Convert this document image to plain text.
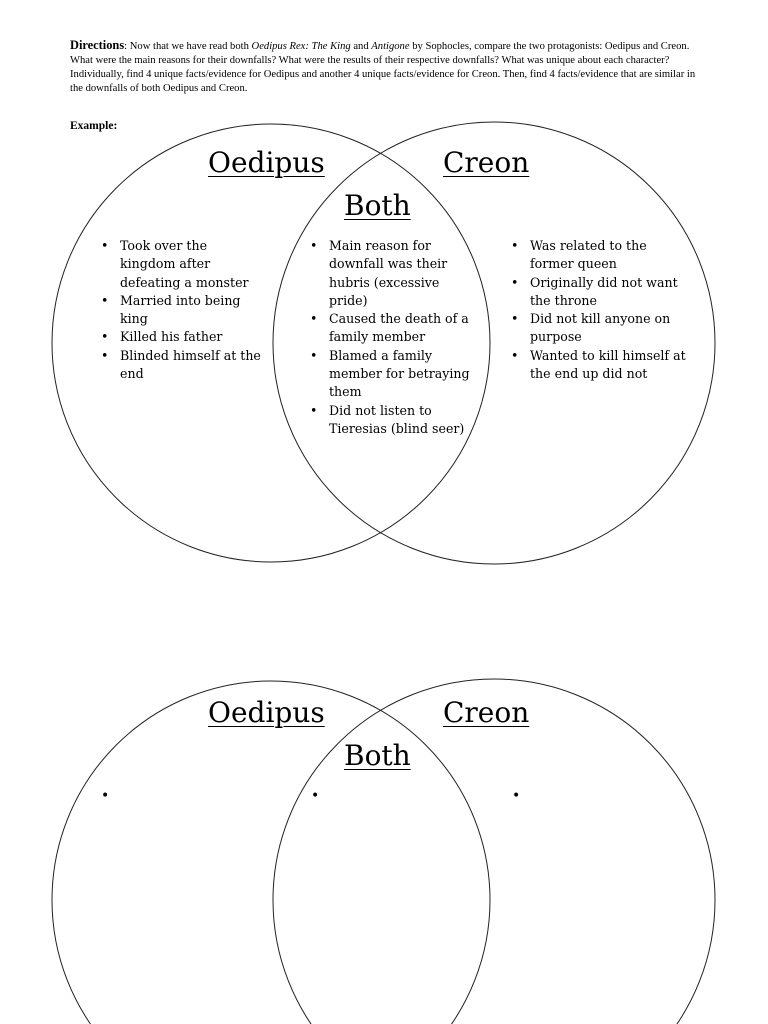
Directions: Now that we have read both Oedipus Rex: The King and Antigone by Sophocles, compare the two protagonists: Oedipus and Creon. What were the main reasons for their downfalls? What were the results of their respective downfalls? What was unique about each character?

Individually, find 4 unique facts/evidence for Oedipus and another 4 unique facts/evidence for Creon. Then, find 4 facts/evidence that are similar in the downfalls of both Oedipus and Creon.

Example:
Oedipus	Creon
Both
• Took over the kingdom after defeating a monster
• Married into being king
• Killed his father
• Blinded himself at the end
• Main reason for downfall was their hubris (excessive pride)
• Caused the death of a family member
• Blamed a family member for betraying them
• Did not listen to Tieresias (blind seer)
• Was related to the former queen
• Originally did not want the throne
• Did not kill anyone on purpose
• Wanted to kill himself at the end up did not
Oedipus	Creon
Both
•	•	•
